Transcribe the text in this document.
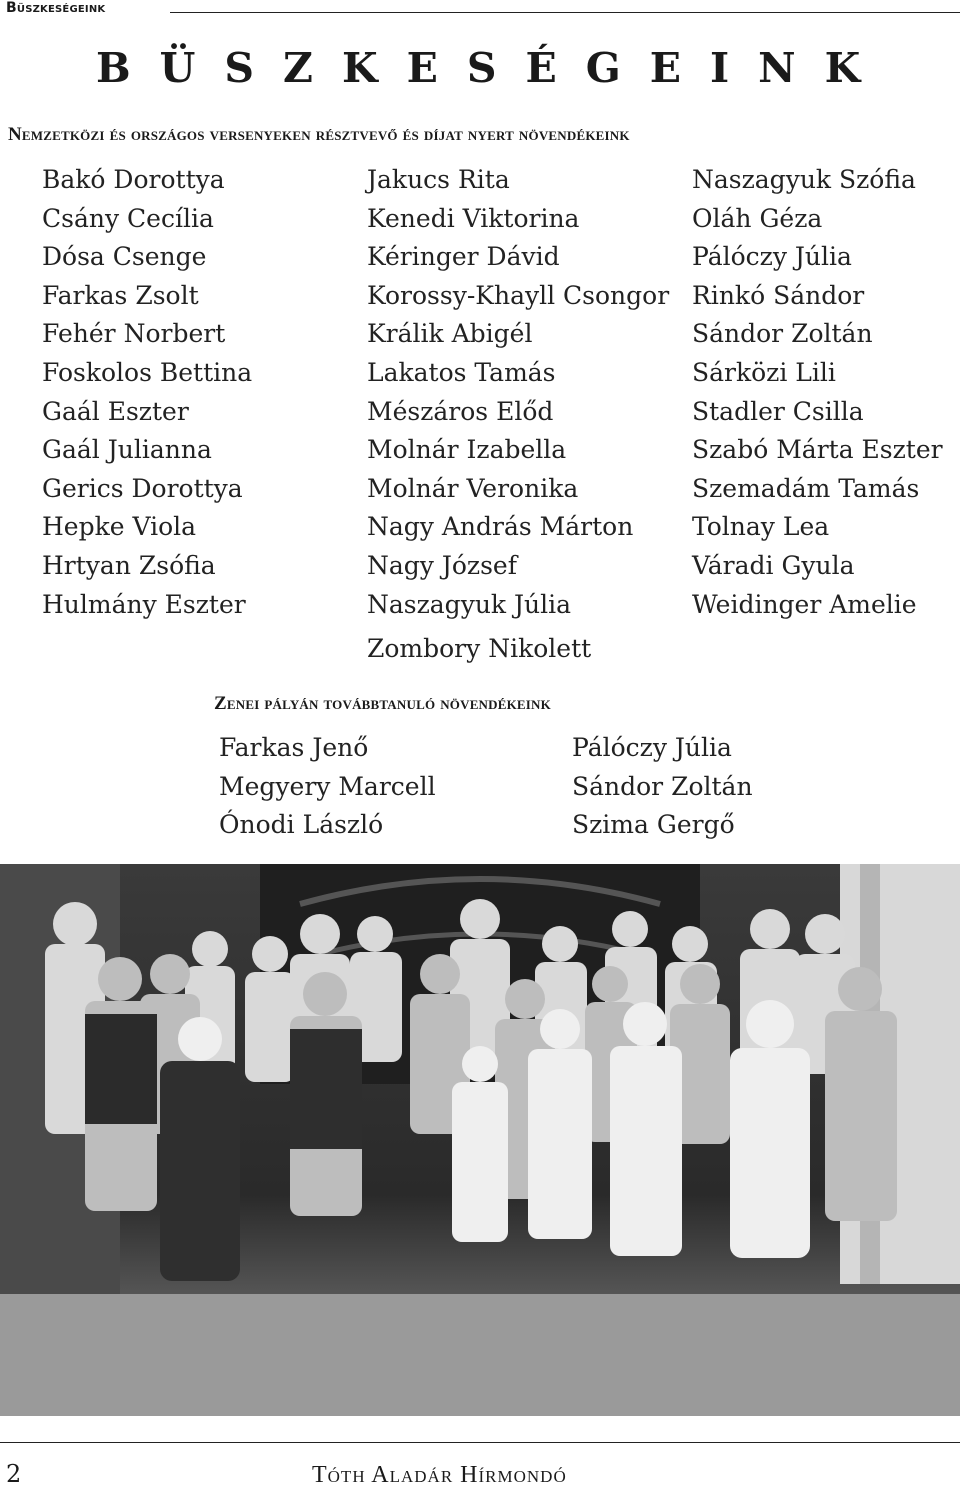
Büszkeségeink
BÜSZKESÉGEINK
Nemzetközi és országos versenyeken résztvevő és díjat nyert növendékeink
Bakó Dorottya
Csány Cecília
Dósa Csenge
Farkas Zsolt
Fehér Norbert
Foskolos Bettina
Gaál Eszter
Gaál Julianna
Gerics Dorottya
Hepke Viola
Hrtyan Zsófia
Hulmány Eszter
Jakucs Rita
Kenedi Viktorina
Kéringer Dávid
Korossy-Khayll Csongor
Králik Abigél
Lakatos Tamás
Mészáros Előd
Molnár Izabella
Molnár Veronika
Nagy András Márton
Nagy József
Naszagyuk Júlia
Zombory Nikolett
Naszagyuk Szófia
Oláh Géza
Pálóczy Júlia
Rinkó Sándor
Sándor Zoltán
Sárközi Lili
Stadler Csilla
Szabó Márta Eszter
Szemadám Tamás
Tolnay Lea
Váradi Gyula
Weidinger Amelie
Zenei pályán továbbtanuló növendékeink
Farkas Jenő
Megyery Marcell
Ónodi László
Pálóczy Júlia
Sándor Zoltán
Szima Gergő
2	Tóth Aladár Hírmondó
